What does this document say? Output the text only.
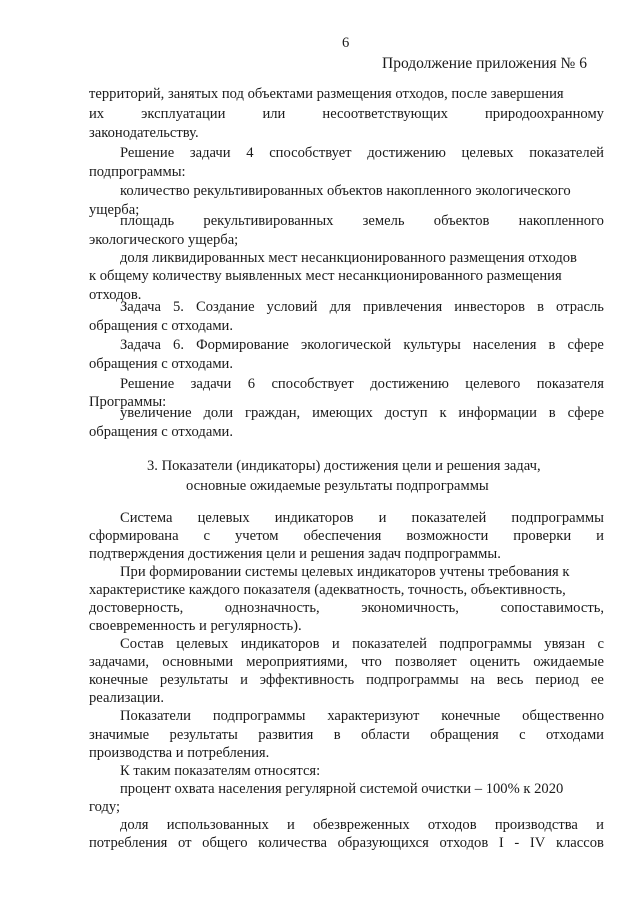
6
Продолжение приложения № 6
территорий, занятых под объектами размещения отходов, после завершения
их	эксплуатации	или	несоответствующих	природоохранному
законодательству.
Решение задачи 4 способствует достижению целевых показателей
подпрограммы:
количество рекультивированных объектов накопленного экологического
ущерба;
площадь рекультивированных земель объектов накопленного
экологического ущерба;
доля ликвидированных мест несанкционированного размещения отходов
к общему количеству выявленных мест несанкционированного размещения
отходов.
Задача 5. Создание условий для привлечения инвесторов в отрасль
обращения с отходами.
Задача 6. Формирование экологической культуры населения в сфере
обращения с отходами.
Решение задачи 6 способствует достижению целевого показателя
Программы:
увеличение доли граждан, имеющих доступ к информации в сфере
обращения с отходами.
3. Показатели (индикаторы) достижения цели и решения задач,
основные ожидаемые результаты подпрограммы
Система целевых индикаторов и показателей подпрограммы
сформирована с учетом обеспечения возможности проверки и
подтверждения достижения цели и решения задач подпрограммы.
При формировании системы целевых индикаторов учтены требования к
характеристике каждого показателя (адекватность, точность, объективность,
достоверность,	однозначность,	экономичность,	сопоставимость,
своевременность и регулярность).
Состав целевых индикаторов и показателей подпрограммы увязан с
задачами, основными мероприятиями, что позволяет оценить ожидаемые
конечные результаты и эффективность подпрограммы на весь период ее
реализации.
Показатели подпрограммы характеризуют конечные общественно
значимые результаты развития в области обращения с отходами
производства и потребления.
К таким показателям относятся:
процент охвата населения регулярной системой очистки – 100% к 2020
году;
доля использованных и обезвреженных отходов производства и
потребления от общего количества образующихся отходов I - IV классов
